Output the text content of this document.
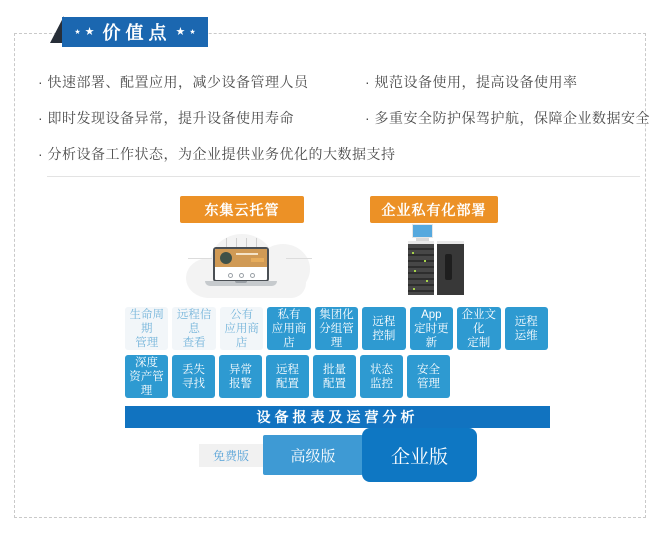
★ ★ 价值点 ★ ★
· 快速部署、配置应用，减少设备管理人员
· 即时发现设备异常，提升设备使用寿命
· 分析设备工作状态，为企业提供业务优化的大数据支持
· 规范设备使用，提高设备使用率
· 多重安全防护保驾护航，保障企业数据安全
东集云托管	企业私有化部署
生命周期
管理
远程信息
查看
公有
应用商店
私有
应用商店
集团化
分组管理
远程
控制
App
定时更新
企业文化
定制
远程
运维
深度
资产管理
丢失
寻找
异常
报警
远程
配置
批量
配置
状态
监控
安全
管理
设备报表及运营分析
免费版	高级版	企业版
